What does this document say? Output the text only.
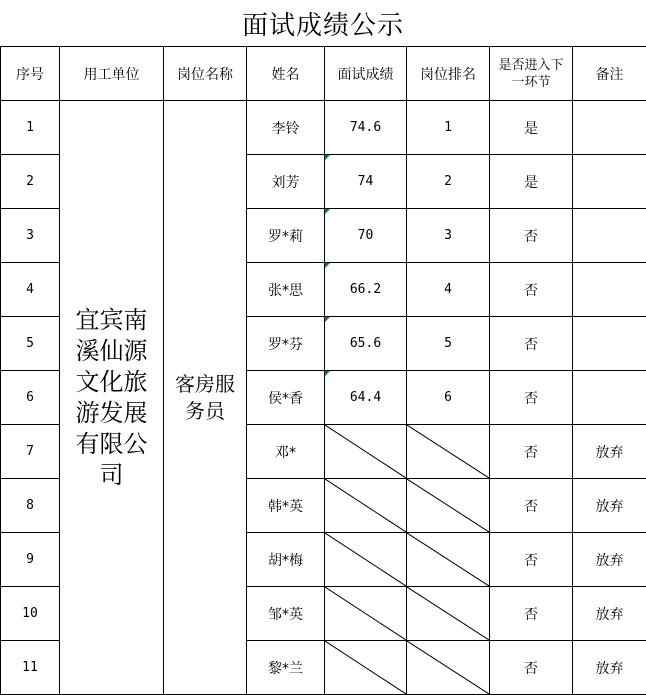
面试成绩公示
序号	用工单位	岗位名称	姓名	面试成绩	岗位排名	是否进入下一环节	备注
1	宜宾南溪仙源文化旅游发展有限公司	客房服务员	李铃	74.6	1	是	
2			刘芳	74	2	是	
3			罗*莉	70	3	否	
4			张*思	66.2	4	否	
5			罗*芬	65.6	5	否	
6			侯*香	64.4	6	否	
7			邓*			否	放弃
8			韩*英			否	放弃
9			胡*梅			否	放弃
10			邹*英			否	放弃
11			黎*兰			否	放弃
